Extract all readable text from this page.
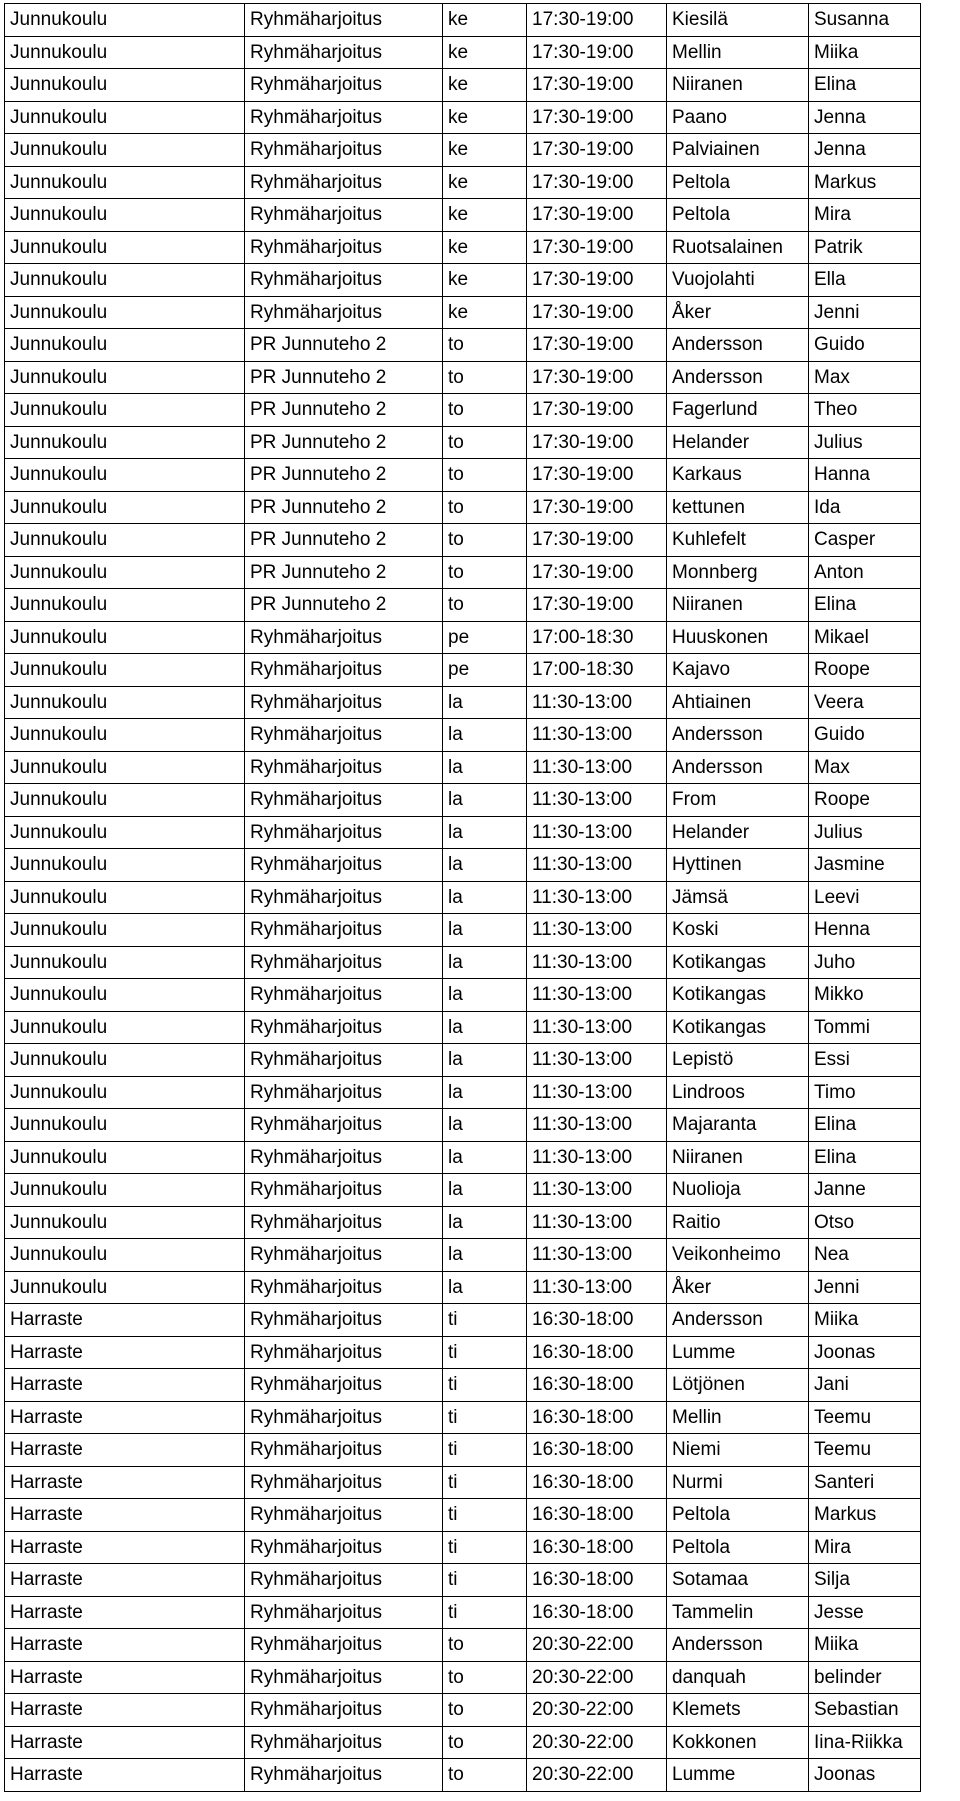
Junnukoulu	Ryhmäharjoitus	ke	17:30-19:00	Kiesilä	Susanna
Junnukoulu	Ryhmäharjoitus	ke	17:30-19:00	Mellin	Miika
Junnukoulu	Ryhmäharjoitus	ke	17:30-19:00	Niiranen	Elina
Junnukoulu	Ryhmäharjoitus	ke	17:30-19:00	Paano	Jenna
Junnukoulu	Ryhmäharjoitus	ke	17:30-19:00	Palviainen	Jenna
Junnukoulu	Ryhmäharjoitus	ke	17:30-19:00	Peltola	Markus
Junnukoulu	Ryhmäharjoitus	ke	17:30-19:00	Peltola	Mira
Junnukoulu	Ryhmäharjoitus	ke	17:30-19:00	Ruotsalainen	Patrik
Junnukoulu	Ryhmäharjoitus	ke	17:30-19:00	Vuojolahti	Ella
Junnukoulu	Ryhmäharjoitus	ke	17:30-19:00	Åker	Jenni
Junnukoulu	PR Junnuteho 2	to	17:30-19:00	Andersson	Guido
Junnukoulu	PR Junnuteho 2	to	17:30-19:00	Andersson	Max
Junnukoulu	PR Junnuteho 2	to	17:30-19:00	Fagerlund	Theo
Junnukoulu	PR Junnuteho 2	to	17:30-19:00	Helander	Julius
Junnukoulu	PR Junnuteho 2	to	17:30-19:00	Karkaus	Hanna
Junnukoulu	PR Junnuteho 2	to	17:30-19:00	kettunen	Ida
Junnukoulu	PR Junnuteho 2	to	17:30-19:00	Kuhlefelt	Casper
Junnukoulu	PR Junnuteho 2	to	17:30-19:00	Monnberg	Anton
Junnukoulu	PR Junnuteho 2	to	17:30-19:00	Niiranen	Elina
Junnukoulu	Ryhmäharjoitus	pe	17:00-18:30	Huuskonen	Mikael
Junnukoulu	Ryhmäharjoitus	pe	17:00-18:30	Kajavo	Roope
Junnukoulu	Ryhmäharjoitus	la	11:30-13:00	Ahtiainen	Veera
Junnukoulu	Ryhmäharjoitus	la	11:30-13:00	Andersson	Guido
Junnukoulu	Ryhmäharjoitus	la	11:30-13:00	Andersson	Max
Junnukoulu	Ryhmäharjoitus	la	11:30-13:00	From	Roope
Junnukoulu	Ryhmäharjoitus	la	11:30-13:00	Helander	Julius
Junnukoulu	Ryhmäharjoitus	la	11:30-13:00	Hyttinen	Jasmine
Junnukoulu	Ryhmäharjoitus	la	11:30-13:00	Jämsä	Leevi
Junnukoulu	Ryhmäharjoitus	la	11:30-13:00	Koski	Henna
Junnukoulu	Ryhmäharjoitus	la	11:30-13:00	Kotikangas	Juho
Junnukoulu	Ryhmäharjoitus	la	11:30-13:00	Kotikangas	Mikko
Junnukoulu	Ryhmäharjoitus	la	11:30-13:00	Kotikangas	Tommi
Junnukoulu	Ryhmäharjoitus	la	11:30-13:00	Lepistö	Essi
Junnukoulu	Ryhmäharjoitus	la	11:30-13:00	Lindroos	Timo
Junnukoulu	Ryhmäharjoitus	la	11:30-13:00	Majaranta	Elina
Junnukoulu	Ryhmäharjoitus	la	11:30-13:00	Niiranen	Elina
Junnukoulu	Ryhmäharjoitus	la	11:30-13:00	Nuolioja	Janne
Junnukoulu	Ryhmäharjoitus	la	11:30-13:00	Raitio	Otso
Junnukoulu	Ryhmäharjoitus	la	11:30-13:00	Veikonheimo	Nea
Junnukoulu	Ryhmäharjoitus	la	11:30-13:00	Åker	Jenni
Harraste	Ryhmäharjoitus	ti	16:30-18:00	Andersson	Miika
Harraste	Ryhmäharjoitus	ti	16:30-18:00	Lumme	Joonas
Harraste	Ryhmäharjoitus	ti	16:30-18:00	Lötjönen	Jani
Harraste	Ryhmäharjoitus	ti	16:30-18:00	Mellin	Teemu
Harraste	Ryhmäharjoitus	ti	16:30-18:00	Niemi	Teemu
Harraste	Ryhmäharjoitus	ti	16:30-18:00	Nurmi	Santeri
Harraste	Ryhmäharjoitus	ti	16:30-18:00	Peltola	Markus
Harraste	Ryhmäharjoitus	ti	16:30-18:00	Peltola	Mira
Harraste	Ryhmäharjoitus	ti	16:30-18:00	Sotamaa	Silja
Harraste	Ryhmäharjoitus	ti	16:30-18:00	Tammelin	Jesse
Harraste	Ryhmäharjoitus	to	20:30-22:00	Andersson	Miika
Harraste	Ryhmäharjoitus	to	20:30-22:00	danquah	belinder
Harraste	Ryhmäharjoitus	to	20:30-22:00	Klemets	Sebastian
Harraste	Ryhmäharjoitus	to	20:30-22:00	Kokkonen	Iina-Riikka
Harraste	Ryhmäharjoitus	to	20:30-22:00	Lumme	Joonas
